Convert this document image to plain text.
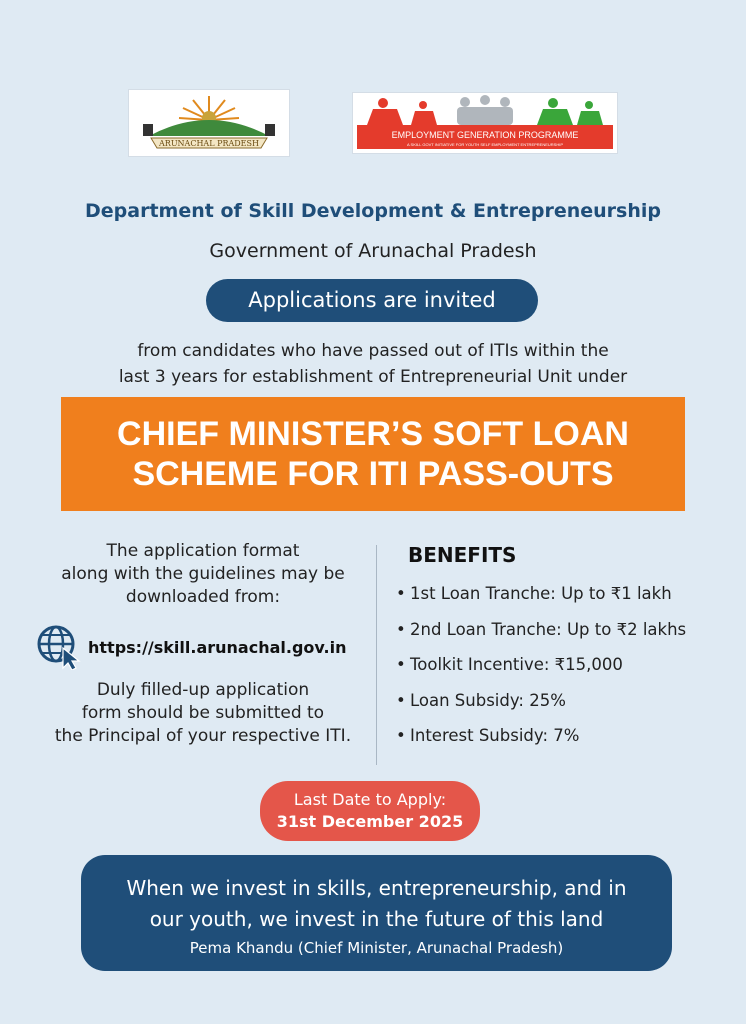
ARUNACHAL PRADESH
EMPLOYMENT GENERATION PROGRAMME
A SKILL GOVT INITIATIVE FOR YOUTH SELF EMPLOYMENT ENTREPRENEURSHIP
Department of Skill Development & Entrepreneurship
Government of Arunachal Pradesh
Applications are invited
from candidates who have passed out of ITIs within the
last 3 years for establishment of Entrepreneurial Unit under
CHIEF MINISTER’S SOFT LOAN
SCHEME FOR ITI PASS-OUTS
The application format
along with the guidelines may be
downloaded from:
https://skill.arunachal.gov.in
Duly filled-up application
form should be submitted to
the Principal of your respective ITI.
BENEFITS
• 1st Loan Tranche: Up to ₹1 lakh
• 2nd Loan Tranche: Up to ₹2 lakhs
• Toolkit Incentive: ₹15,000
• Loan Subsidy: 25%
• Interest Subsidy: 7%
Last Date to Apply:
31st December 2025
When we invest in skills, entrepreneurship, and in
our youth, we invest in the future of this land
Pema Khandu (Chief Minister, Arunachal Pradesh)
